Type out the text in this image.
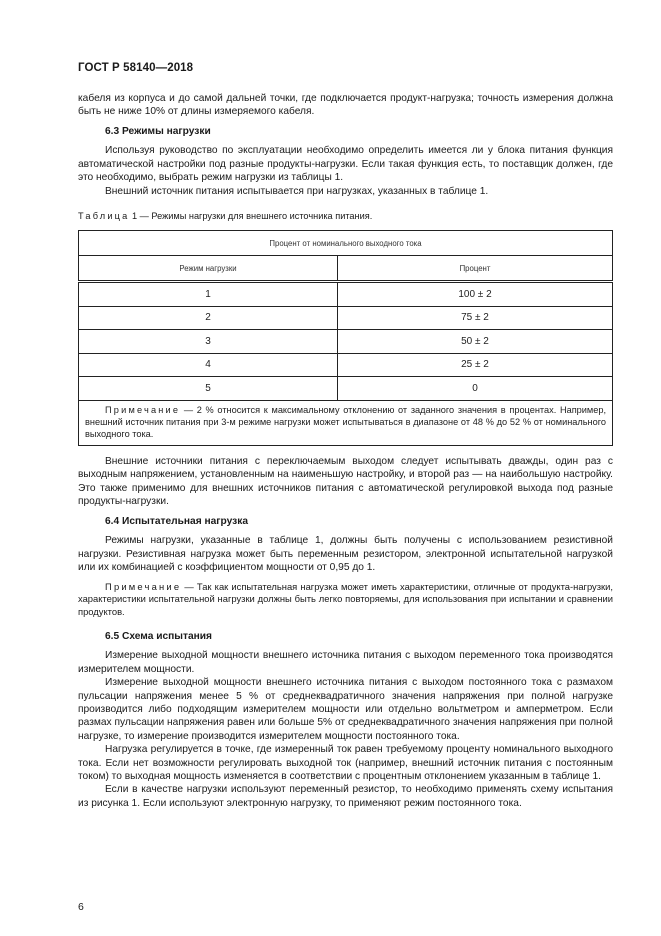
ГОСТ Р 58140—2018

кабеля из корпуса и до самой дальней точки, где подключается продукт-нагрузка; точность измерения должна быть не ниже 10% от длины измеряемого кабеля.

6.3 Режимы нагрузки

Используя руководство по эксплуатации необходимо определить имеется ли у блока питания функция автоматической настройки под разные продукты-нагрузки. Если такая функция есть, то поставщик должен, где это необходимо, выбрать режим нагрузки из таблицы 1.

Внешний источник питания испытывается при нагрузках, указанных в таблице 1.

Таблица 1 — Режимы нагрузки для внешнего источника питания.
Процент от номинального выходного тока	
Режим нагрузки	Процент
1	100 ± 2
2	75 ± 2
3	50 ± 2
4	25 ± 2
5	0
Примечание — 2 % относится к максимальному отклонению от заданного значения в процентах. Например, внешний источник питания при 3-м режиме нагрузки может испытываться в диапазоне от 48 % до 52 % от номинального выходного тока.	

Внешние источники питания с переключаемым выходом следует испытывать дважды, один раз с выходным напряжением, установленным на наименьшую настройку, и второй раз — на наибольшую настройку. Это также применимо для внешних источников питания с автоматической регулировкой выхода под разные продукты-нагрузки.

6.4 Испытательная нагрузка

Режимы нагрузки, указанные в таблице 1, должны быть получены с использованием резистивной нагрузки. Резистивная нагрузка может быть переменным резистором, электронной испытательной нагрузкой или их комбинацией с коэффициентом мощности от 0,95 до 1.

Примечание — Так как испытательная нагрузка может иметь характеристики, отличные от продукта-нагрузки, характеристики испытательной нагрузки должны быть легко повторяемы, для использования при испытании и сравнении продуктов.

6.5 Схема испытания

Измерение выходной мощности внешнего источника питания с выходом переменного тока производятся измерителем мощности.

Измерение выходной мощности внешнего источника питания с выходом постоянного тока с размахом пульсации напряжения менее 5 % от среднеквадратичного значения напряжения при полной нагрузке производится либо подходящим измерителем мощности или отдельно вольтметром и амперметром. Если размах пульсации напряжения равен или больше 5% от среднеквадратичного значения напряжения при полной нагрузке, то измерение производится измерителем мощности постоянного тока.

Нагрузка регулируется в точке, где измеренный ток равен требуемому проценту номинального выходного тока. Если нет возможности регулировать выходной ток (например, внешний источник питания с постоянным током) то выходная мощность изменяется в соответствии с процентным отклонением указанным в таблице 1.

Если в качестве нагрузки используют переменный резистор, то необходимо применять схему испытания из рисунка 1. Если используют электронную нагрузку, то применяют режим постоянного тока.

6
